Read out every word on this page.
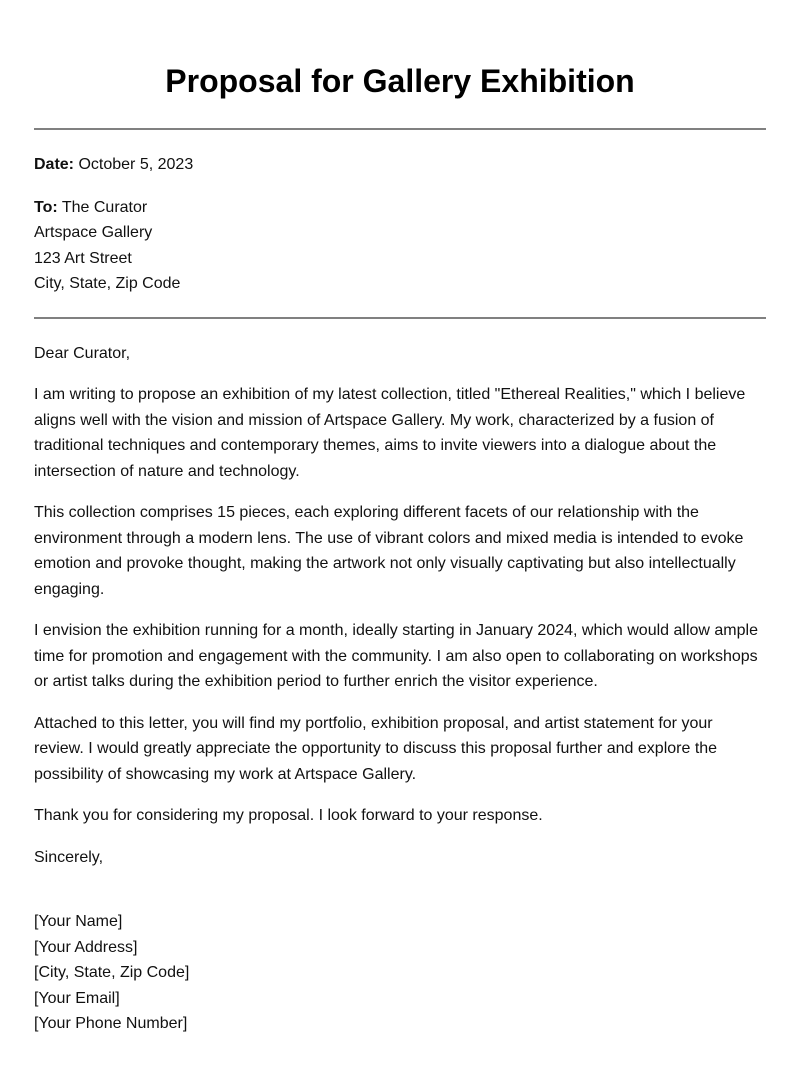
Proposal for Gallery Exhibition
Date: October 5, 2023
To: The Curator
Artspace Gallery
123 Art Street
City, State, Zip Code
Dear Curator,

I am writing to propose an exhibition of my latest collection, titled "Ethereal Realities," which I believe
aligns well with the vision and mission of Artspace Gallery. My work, characterized by a fusion of
traditional techniques and contemporary themes, aims to invite viewers into a dialogue about the
intersection of nature and technology.

This collection comprises 15 pieces, each exploring different facets of our relationship with the
environment through a modern lens. The use of vibrant colors and mixed media is intended to evoke
emotion and provoke thought, making the artwork not only visually captivating but also intellectually
engaging.

I envision the exhibition running for a month, ideally starting in January 2024, which would allow ample
time for promotion and engagement with the community. I am also open to collaborating on workshops
or artist talks during the exhibition period to further enrich the visitor experience.

Attached to this letter, you will find my portfolio, exhibition proposal, and artist statement for your
review. I would greatly appreciate the opportunity to discuss this proposal further and explore the
possibility of showcasing my work at Artspace Gallery.

Thank you for considering my proposal. I look forward to your response.

Sincerely,
[Your Name]
[Your Address]
[City, State, Zip Code]
[Your Email]
[Your Phone Number]
